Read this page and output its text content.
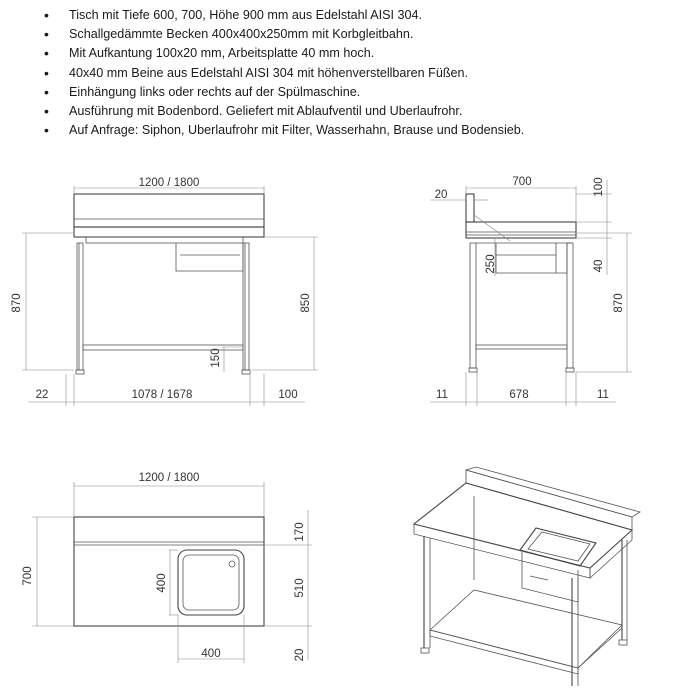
• Tisch mit Tiefe 600, 700, Höhe 900 mm aus Edelstahl AISI 304.
• Schallgedämmte Becken 400x400x250mm mit Korbgleitbahn.
• Mit Aufkantung 100x20 mm, Arbeitsplatte 40 mm hoch.
• 40x40 mm Beine aus Edelstahl AISI 304 mit höhenverstellbaren Füßen.
• Einhängung links oder rechts auf der Spülmaschine.
• Ausführung mit Bodenbord. Geliefert mit Ablaufventil und Uberlaufrohr.
• Auf Anfrage: Siphon, Uberlaufrohr mit Filter, Wasserhahn, Brause und Bodensieb.
1200 / 1800
870	850
150
22	1078 / 1678	100
700
20	100
40
250
870
11	678	11
1200 / 1800
700
170
510
20
400
400
